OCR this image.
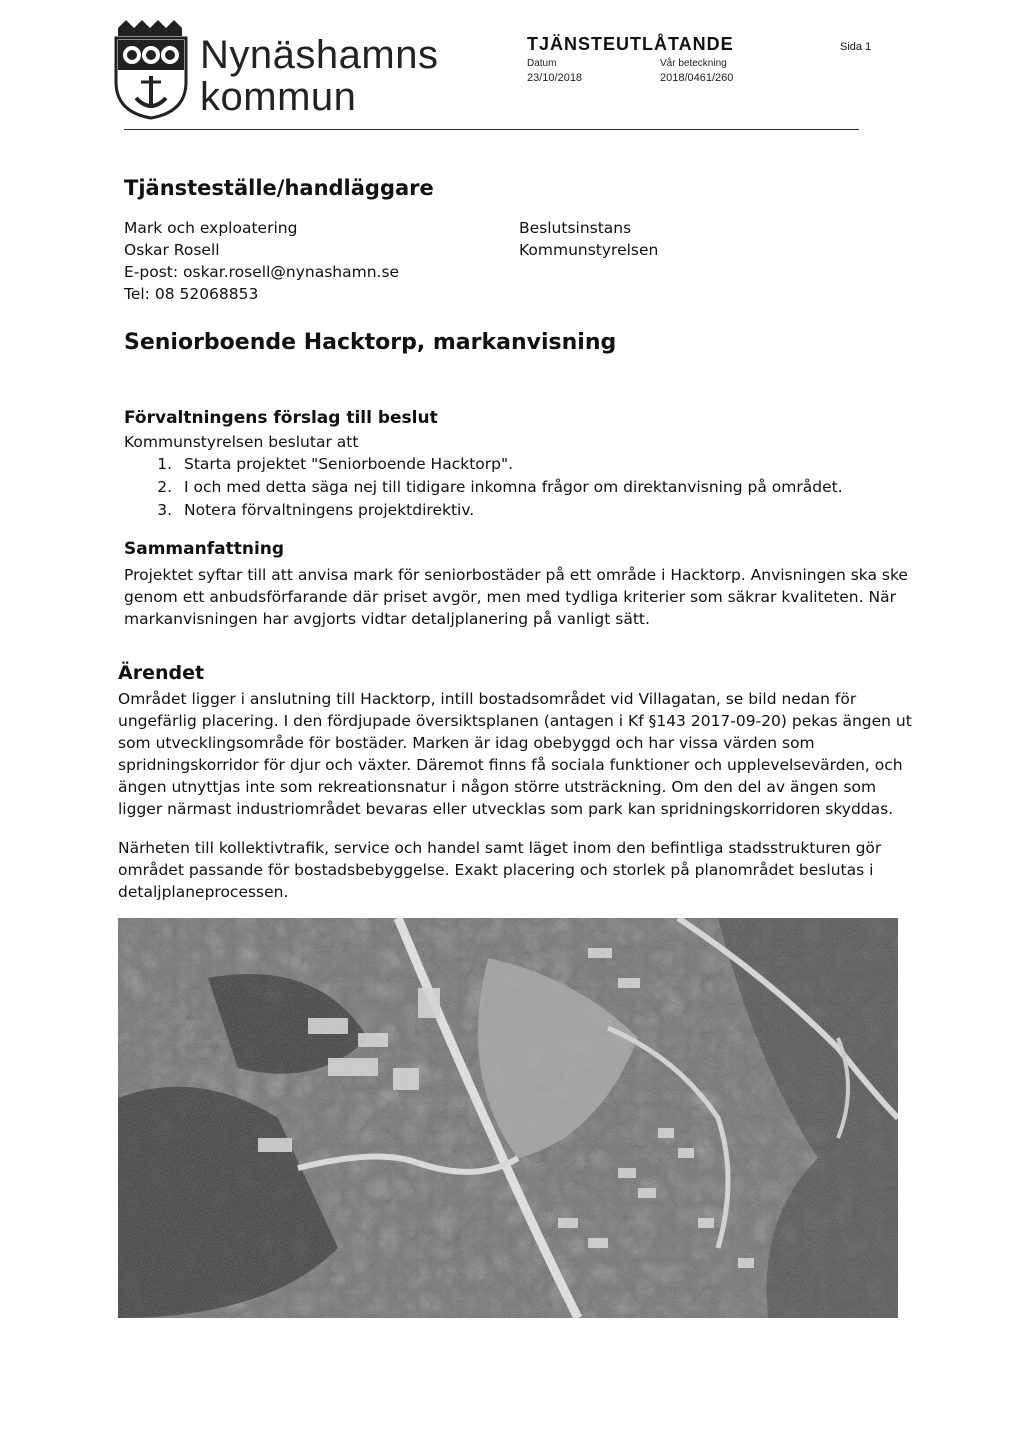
Nynäshamns
kommun
TJÄNSTEUTLÅTANDE
Datum
23/10/2018
Vår beteckning
2018/0461/260
Sida 1
Tjänsteställe/handläggare
Mark och exploatering
Oskar Rosell
E-post: oskar.rosell@nynashamn.se
Tel: 08 52068853
Beslutsinstans
Kommunstyrelsen
Seniorboende Hacktorp, markanvisning
Förvaltningens förslag till beslut
Kommunstyrelsen beslutar att
1. Starta projektet "Seniorboende Hacktorp".
2. I och med detta säga nej till tidigare inkomna frågor om direktanvisning på området.
3. Notera förvaltningens projektdirektiv.
Sammanfattning
Projektet syftar till att anvisa mark för seniorbostäder på ett område i Hacktorp. Anvisningen ska ske
genom ett anbudsförfarande där priset avgör, men med tydliga kriterier som säkrar kvaliteten. När
markanvisningen har avgjorts vidtar detaljplanering på vanligt sätt.
Ärendet
Området ligger i anslutning till Hacktorp, intill bostadsområdet vid Villagatan, se bild nedan för
ungefärlig placering. I den fördjupade översiktsplanen (antagen i Kf §143 2017-09-20) pekas ängen ut
som utvecklingsområde för bostäder. Marken är idag obebyggd och har vissa värden som
spridningskorridor för djur och växter. Däremot finns få sociala funktioner och upplevelsevärden, och
ängen utnyttjas inte som rekreationsnatur i någon större utsträckning. Om den del av ängen som
ligger närmast industriområdet bevaras eller utvecklas som park kan spridningskorridoren skyddas.
Närheten till kollektivtrafik, service och handel samt läget inom den befintliga stadsstrukturen gör
området passande för bostadsbebyggelse. Exakt placering och storlek på planområdet beslutas i
detaljplaneprocessen.
